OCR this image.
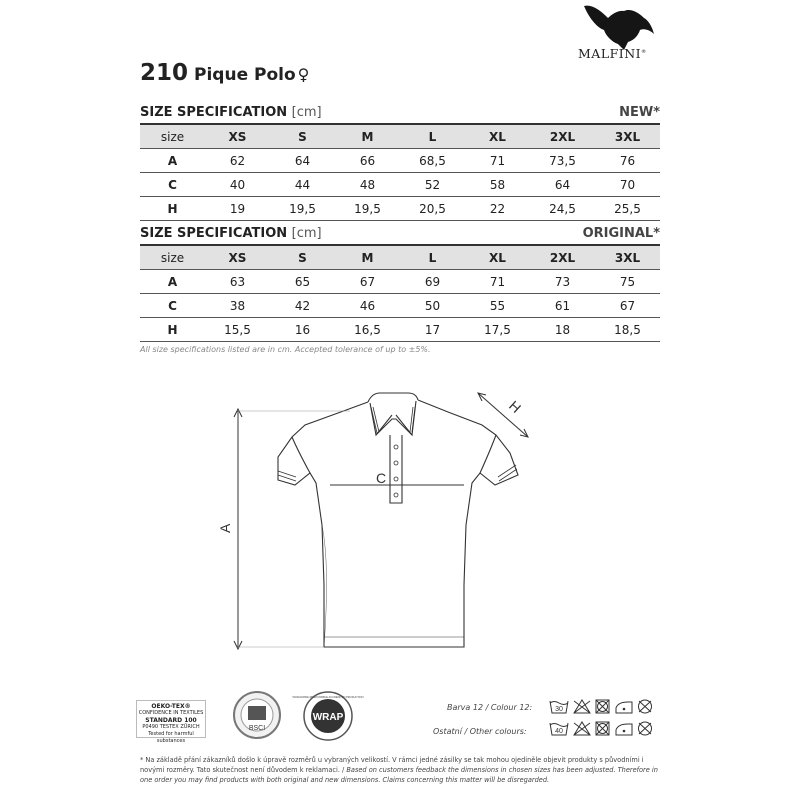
MALFINI®
210 Pique Polo ♀
SIZE SPECIFICATION [cm]	NEW*
size	XS	S	M	L	XL	2XL	3XL
A	62	64	66	68,5	71	73,5	76
C	40	44	48	52	58	64	70
H	19	19,5	19,5	20,5	22	24,5	25,5
SIZE SPECIFICATION [cm]	ORIGINAL*
size	XS	S	M	L	XL	2XL	3XL
A	63	65	67	69	71	73	75
C	38	42	46	50	55	61	67
H	15,5	16	16,5	17	17,5	18	18,5
All size specifications listed are in cm. Accepted tolerance of up to ±5%.
A
C
H
OEKO-TEX®
CONFIDENCE IN TEXTILES
STANDARD 100
P0490 TESTEX ZÜRICH
Tested for harmful substances
BSCI
WRAP
WORLDWIDE RESPONSIBLE ACCREDITED PRODUCTION
Barva 12 / Colour 12:
Ostatní / Other colours:
30
40
* Na základě přání zákazníků došlo k úpravě rozměrů u vybraných velikostí. V rámci jedné zásilky se tak mohou ojediněle objevit produkty s původními i novými rozměry. Tato skutečnost není důvodem k reklamaci. / Based on customers feedback the dimensions in chosen sizes has been adjusted. Therefore in one order you may find products with both original and new dimensions. Claims concerning this matter will be disregarded.
